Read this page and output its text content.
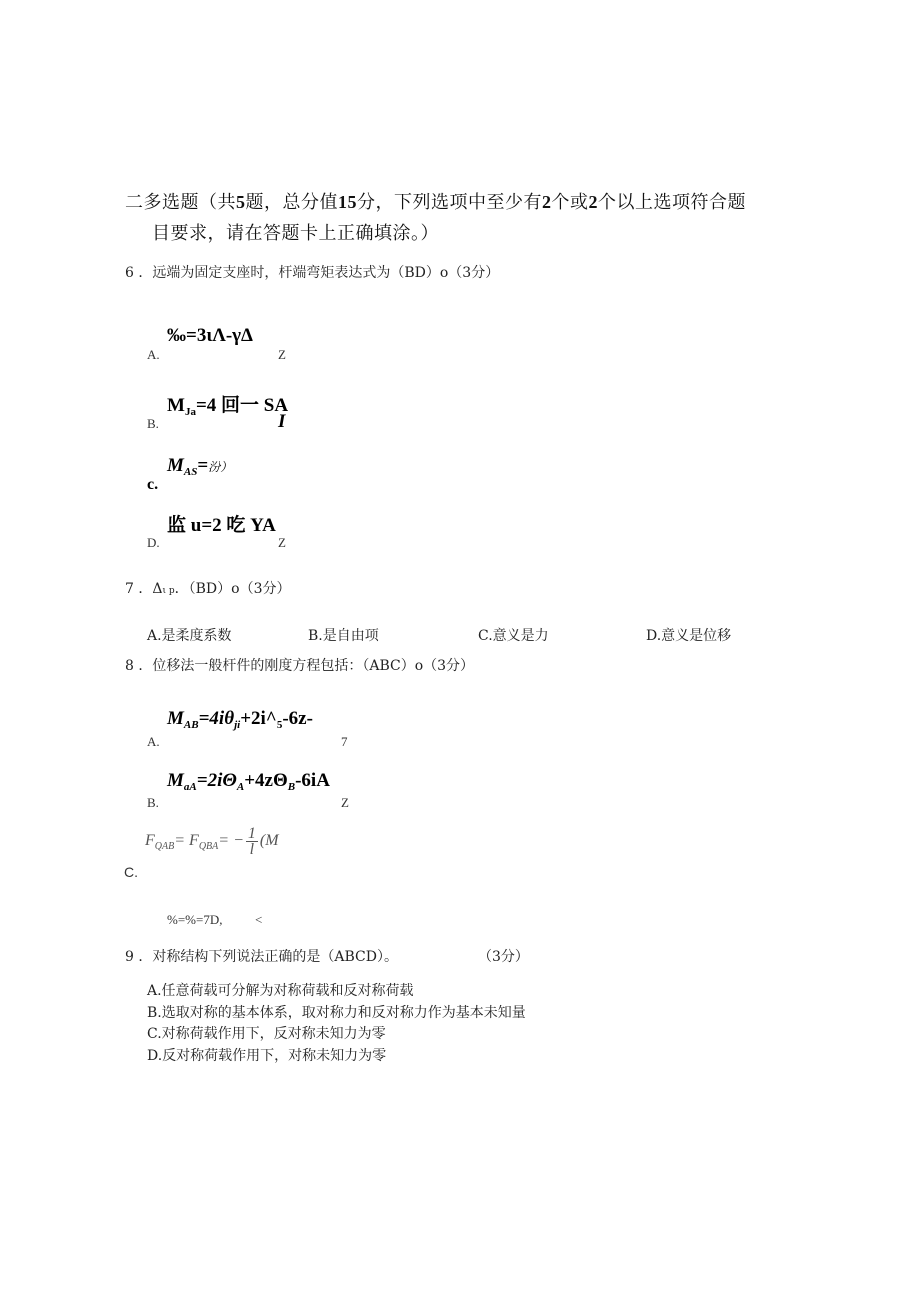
二多选题（共5题，总分值15分，下列选项中至少有2个或2个以上选项符合题
目要求，请在答题卡上正确填涂。）
6 ．远端为固定支座时，杆端弯矩表达式为（BD）o（3分）
‰=3ιΛ-γΔ
A.	Z
$M_{Ja}=4$ 回一 SA
B.	I
$M_{AS}=$汾）
c.
监 u=2 吃 YA
D.	Z
7 ．Δι p．（BD）o（3分）
A.是柔度系数	B.是自由项	C.意义是力	D.意义是位移
8 ．位移法一般杆件的刚度方程包括：（ABC）o（3分）
$M_{AB}=4i\theta_{ji}+2i\^{}_5-6z-$
A.	7
$M_{aA}=2i\Theta_A+4z\Theta_B-6iA$
B.	Z
$F_{QAB}= F_{QBA}= - \frac{1}{l} (M$
C.
%=%=7D,	<
9 ．对称结构下列说法正确的是（ABCD）。	（3分）
A.任意荷载可分解为对称荷载和反对称荷载
B.选取对称的基本体系，取对称力和反对称力作为基本未知量
C.对称荷载作用下，反对称未知力为零
D.反对称荷载作用下，对称未知力为零
